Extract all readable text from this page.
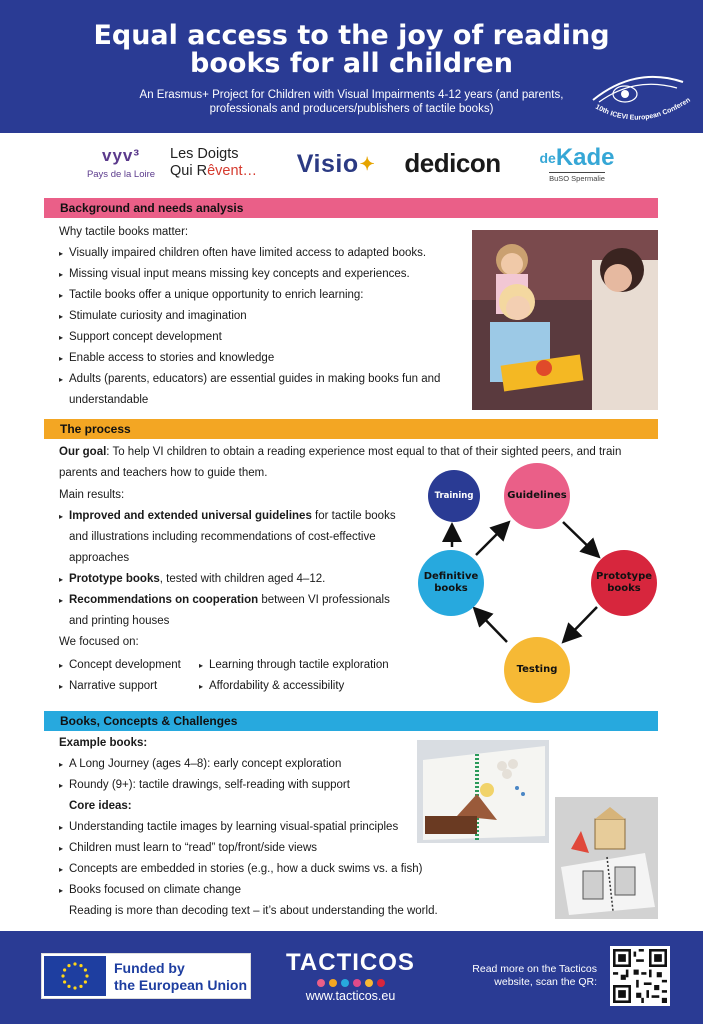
Equal access to the joy of reading books for all children
An Erasmus+ Project for Children with Visual Impairments 4-12 years (and parents, professionals and producers/publishers of tactile books)	10th ICEVI European Conferen
vyv³
Pays de la Loire
Les Doigts
Qui Rêvent… Visio ✦	dedicon	$^{de}$Kade
BuSO Spermalie
Background and needs analysis
Why tactile books matter:
▸ Visually impaired children often have limited access to adapted books.
▸ Missing visual input means missing key concepts and experiences.
▸ Tactile books offer a unique opportunity to enrich learning:
▸ Stimulate curiosity and imagination
▸ Support concept development
▸ Enable access to stories and knowledge
▸ Adults (parents, educators) are essential guides in making books fun and understandable
The process
Our goal: To help VI children to obtain a reading experience most equal to that of their sighted peers, and train parents and teachers how to guide them.
Main results:
▸ Improved and extended universal guidelines for tactile books and illustrations including recommendations of cost-effective approaches
▸ Prototype books, tested with children aged 4–12.
▸ Recommendations on cooperation between VI professionals and printing houses
We focused on:
▸ Concept development
▸ Narrative support
▸ Learning through tactile exploration
▸ Affordability & accessibility
Training	Guidelines
Prototype
books
Testing
Definitive
books
Books, Concepts & Challenges
Example books:
▸ A Long Journey (ages 4–8): early concept exploration
▸ Roundy (9+): tactile drawings, self-reading with support
Core ideas:
▸ Understanding tactile images by learning visual-spatial principles
▸ Children must learn to “read” top/front/side views
▸ Concepts are embedded in stories (e.g., how a duck swims vs. a fish)
▸ Books focused on climate change
Reading is more than decoding text – it’s about understanding the world.
Funded by
the European Union
TACTICOS
www.tacticos.eu
Read more on the Tacticos website, scan the QR:
